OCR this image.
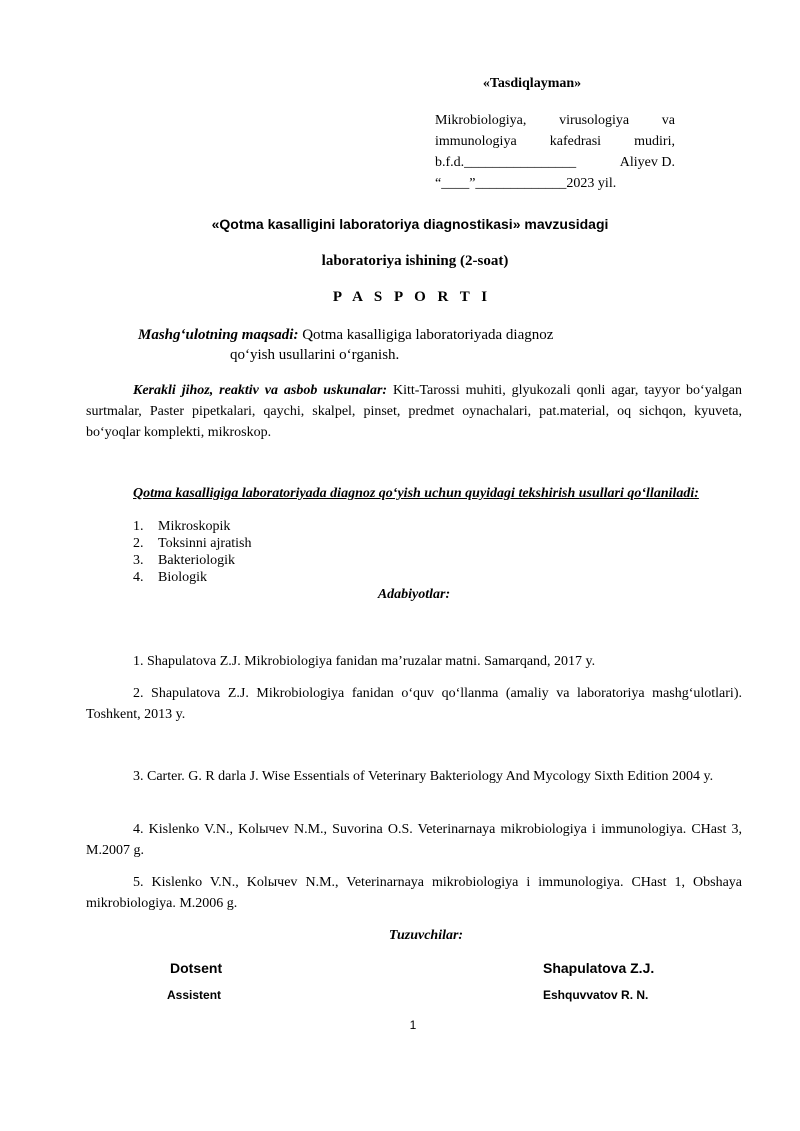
«Tasdiqlayman»
Mikrobiologiya, virusologiya va
immunologiya kafedrasi mudiri,
b.f.d.________________	Aliyev D.
“____”_____________2023 yil.
«Qotma kasalligini laboratoriya diagnostikasi» mavzusidagi
laboratoriya ishining (2-soat)
P A S P O R T I
Mashg‘ulotning maqsadi: Qotma kasalligiga laboratoriyada diagnoz
qo‘yish usullarini o‘rganish.
Kerakli jihoz, reaktiv va asbob uskunalar: Kitt-Tarossi muhiti, glyukozali qonli agar, tayyor bo‘yalgan surtmalar, Paster pipetkalari, qaychi, skalpel, pinset, predmet oynachalari, pat.material, oq sichqon, kyuveta, bo‘yoqlar komplekti, mikroskop.
Qotma kasalligiga laboratoriyada diagnoz qo‘yish uchun quyidagi tekshirish usullari qo‘llaniladi:
1.	Mikroskopik
2.	Toksinni ajratish
3.	Bakteriologik
4.	Biologik
Adabiyotlar:
1. Shapulatova Z.J. Mikrobiologiya fanidan ma’ruzalar matni. Samarqand, 2017 y.
2. Shapulatova Z.J. Mikrobiologiya fanidan o‘quv qo‘llanma (amaliy va laboratoriya mashg‘ulotlari). Toshkent, 2013 y.
3. Carter. G. R darla J. Wise Essentials of Veterinary Bakteriology And Mycology Sixth Edition 2004 y.
4. Kislenko V.N., Kolычev N.M., Suvorina O.S. Veterinarnaya mikrobiologiya i immunologiya. CHast 3, M.2007 g.
5. Kislenko V.N., Kolычev N.M., Veterinarnaya mikrobiologiya i immunologiya. CHast 1, Obshaya mikrobiologiya. M.2006 g.
Tuzuvchilar:
Dotsent	Shapulatova Z.J.
Assistent	Eshquvvatov R. N.
1
